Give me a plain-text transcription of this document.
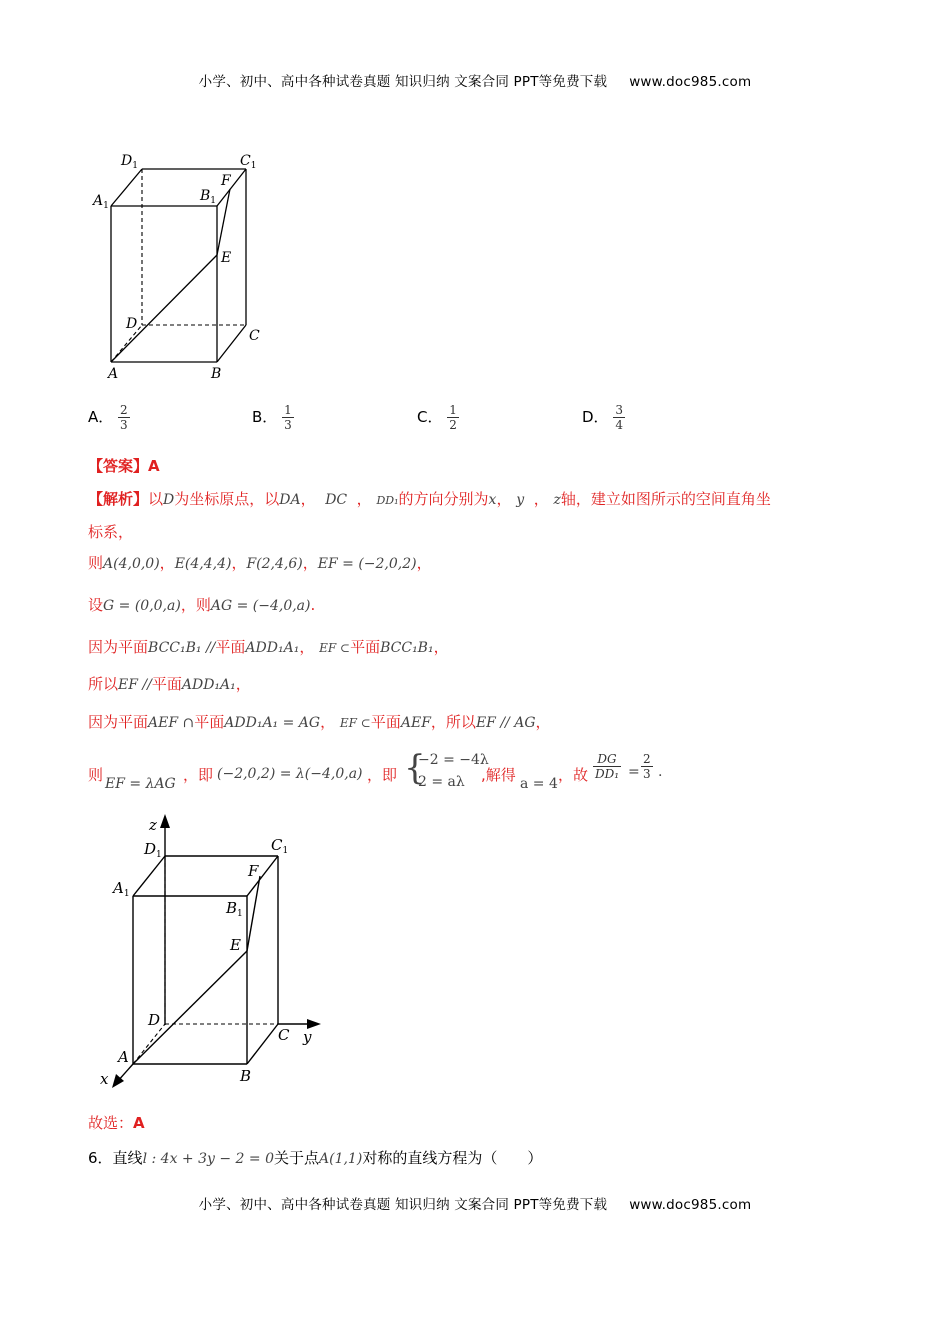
小学、初中、高中各种试卷真题 知识归纳 文案合同 PPT等免费下载 www.doc985.com
$D_1$	$C_1$
$A_1$
$B_1$
F
E
D
C
A	B
A． $\frac{2}{3}$	B． $\frac{1}{3}$	C． $\frac{1}{2}$	D． $\frac{3}{4}$
【答案】A
【解析】以D为坐标原点，以DA， DC ， DD₁的方向分别为x， y ， z轴，建立如图所示的空间直角坐
标系，
则A(4,0,0)，E(4,4,4)，F(2,4,6)，EF = (−2,0,2)，
设G = (0,0,a)，则AG = (−4,0,a).
因为平面BCC₁B₁ //平面ADD₁A₁， EF ⊂平面BCC₁B₁，
所以EF //平面ADD₁A₁，
因为平面AEF ∩平面ADD₁A₁ = AG， EF ⊂平面AEF，所以EF // AG，
则 EF = λAG ，即 (−2,0,2) = λ(−4,0,a) ，即 {
−2 = −4λ
2 = aλ ,解得 a = 4 ，故 $\frac{DG}{\text{DD₁}} = \frac{2}{3}$ .
z
$D_1$
$C_1$
$A_1$
F
$B_1$
E
D
C y
A
x	B
故选：A
6．直线l : 4x + 3y − 2 = 0关于点A(1,1)对称的直线方程为（　　）
小学、初中、高中各种试卷真题 知识归纳 文案合同 PPT等免费下载 www.doc985.com
